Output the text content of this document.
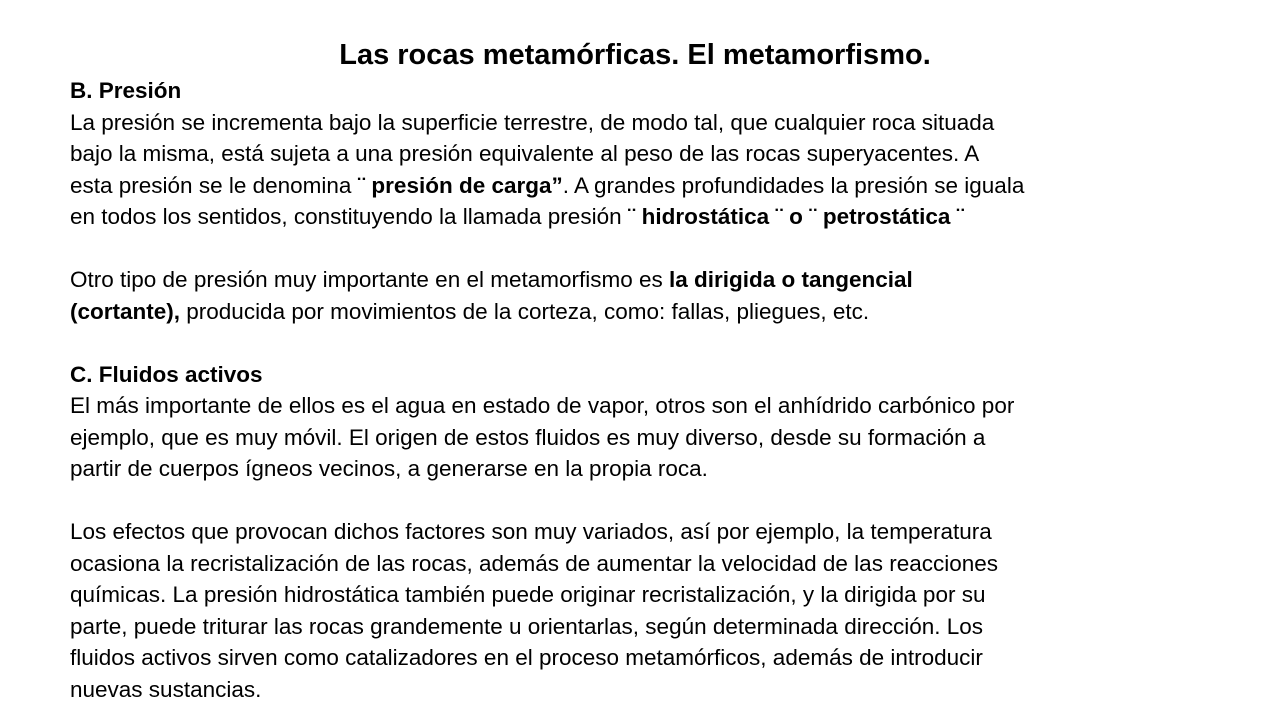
Las rocas metamórficas. El metamorfismo.
B. Presión
La presión se incrementa bajo la superficie terrestre, de modo tal, que cualquier roca situada
bajo la misma, está sujeta a una presión equivalente al peso de las rocas superyacentes. A
esta presión se le denomina ¨ presión de carga”. A grandes profundidades la presión se iguala
en todos los sentidos, constituyendo la llamada presión ¨ hidrostática ¨ o ¨ petrostática ¨
Otro tipo de presión muy importante en el metamorfismo es la dirigida o tangencial
(cortante), producida por movimientos de la corteza, como: fallas, pliegues, etc.
C. Fluidos activos
El más importante de ellos es el agua en estado de vapor, otros son el anhídrido carbónico por
ejemplo, que es muy móvil. El origen de estos fluidos es muy diverso, desde su formación a
partir de cuerpos ígneos vecinos, a generarse en la propia roca.
Los efectos que provocan dichos factores son muy variados, así por ejemplo, la temperatura
ocasiona la recristalización de las rocas, además de aumentar la velocidad de las reacciones
químicas. La presión hidrostática también puede originar recristalización, y la dirigida por su
parte, puede triturar las rocas grandemente u orientarlas, según determinada dirección. Los
fluidos activos sirven como catalizadores en el proceso metamórficos, además de introducir
nuevas sustancias.
